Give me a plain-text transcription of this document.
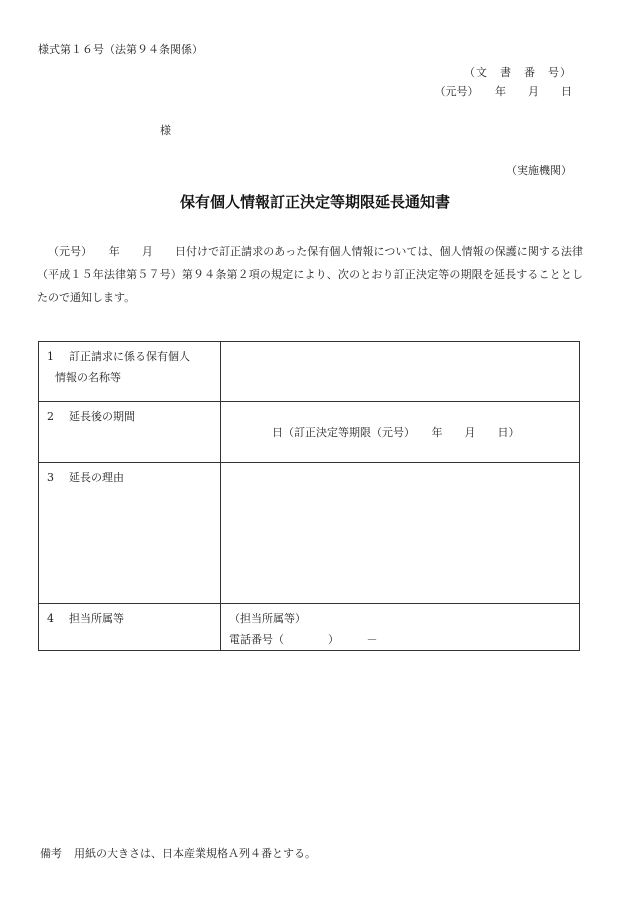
様式第１６号（法第９４条関係）
（文　書　番　号）
（元号）　　年　　月　　日
様
（実施機関）
保有個人情報訂正決定等期限延長通知書
（元号）　　年　　月　　日付けで訂正請求のあった保有個人情報については、個人情報の保護に関する法律（平成１５年法律第５７号）第９４条第２項の規定により、次のとおり訂正決定等の期限を延長することとしたので通知します。
1 訂正請求に係る保有個人
情報の名称等	

2 延長後の期間	日（訂正決定等期限（元号）　　年　　月　　日）

3 延長の理由	
4 担当所属等	（担当所属等）
電話番号（　　　　）　　　－
備考 用紙の大きさは、日本産業規格Ａ列４番とする。
